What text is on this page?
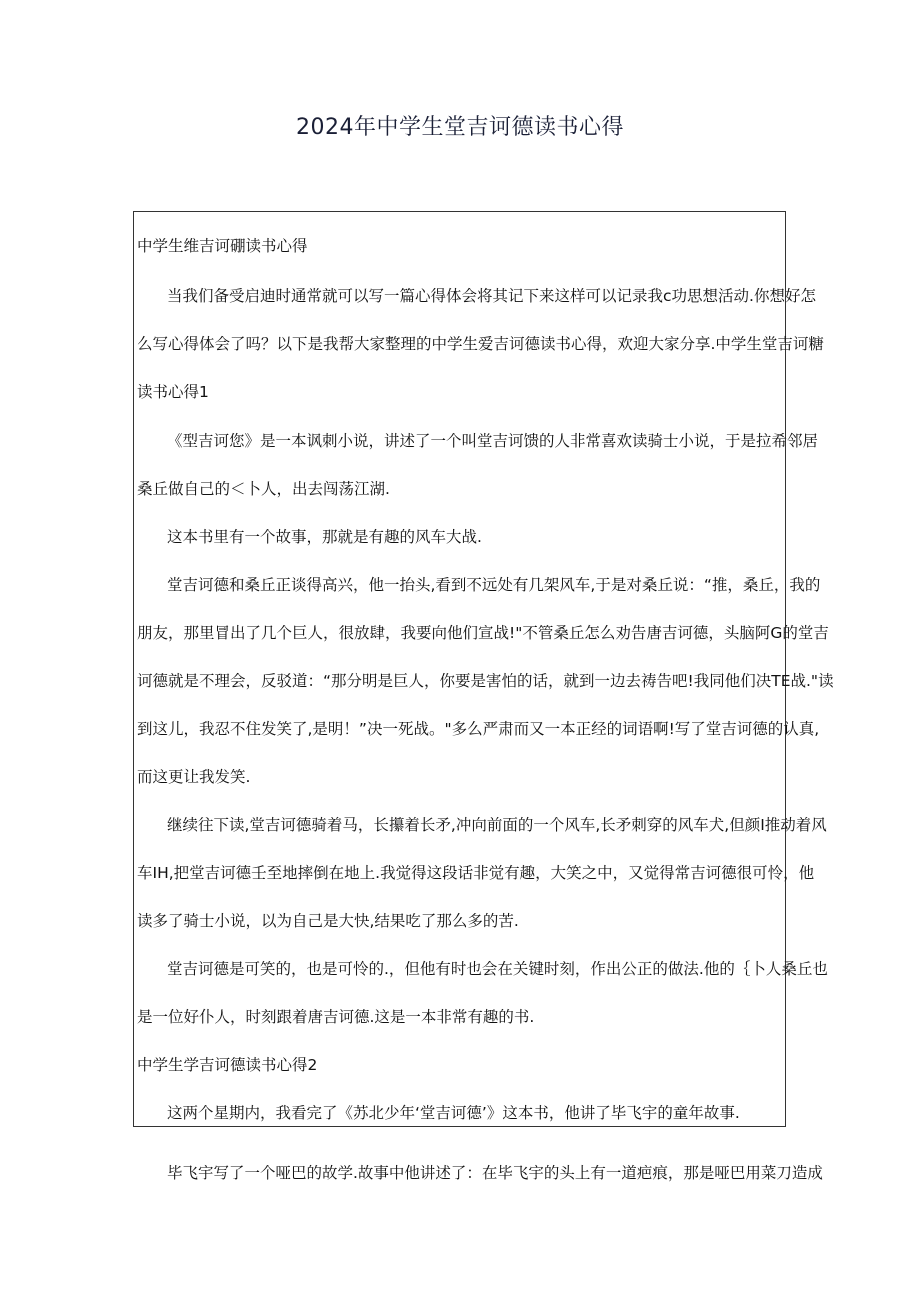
2024年中学生堂吉诃德读书心得

中学生维吉诃硼读书心得

当我们备受启迪时通常就可以写一篇心得体会将其记下来这样可以记录我c功思想活动.你想好怎

么写心得体会了吗？以下是我帮大家整理的中学生爱吉诃德读书心得，欢迎大家分享.中学生堂吉诃糖

读书心得1

《型吉诃您》是一本讽刺小说，讲述了一个叫堂吉诃馈的人非常喜欢读骑士小说，于是拉希邻居

桑丘做自己的＜卜人，出去闯荡江湖.

这本书里有一个故事，那就是有趣的风车大战.

堂吉诃德和桑丘正谈得高兴，他一抬头,看到不远处有几架风车,于是对桑丘说：“推，桑丘，我的

朋友，那里冒出了几个巨人，很放肆，我要向他们宣战!"不管桑丘怎么劝告唐吉诃德，头脑阿G的堂吉

诃德就是不理会，反驳道：“那分明是巨人，你要是害怕的话，就到一边去祷告吧!我同他们决TE战."读

到这儿，我忍不住发笑了,是明！”决一死战。"多么严肃而又一本正经的词语啊!写了堂吉诃德的认真,

而这更让我发笑.

继续往下读,堂吉诃德骑着马，长攥着长矛,冲向前面的一个风车,长矛刺穿的风车犬,但颜I推动着风

车IH,把堂吉诃德壬至地摔倒在地上.我觉得这段话非觉有趣，大笑之中，又觉得常吉诃德很可怜，他

读多了骑士小说，以为自己是大快,结果吃了那么多的苦.

堂吉诃德是可笑的，也是可怜的.，但他有时也会在关键时刻，作出公正的做法.他的｛卜人桑丘也

是一位好仆人，时刻跟着唐吉诃德.这是一本非常有趣的书.

中学生学吉诃德读书心得2

这两个星期内，我看完了《苏北少年‘堂吉诃德’》这本书，他讲了毕飞宇的童年故事.

毕飞宇写了一个哑巴的故学.故事中他讲述了：在毕飞宇的头上有一道疤痕，那是哑巴用菜刀造成
